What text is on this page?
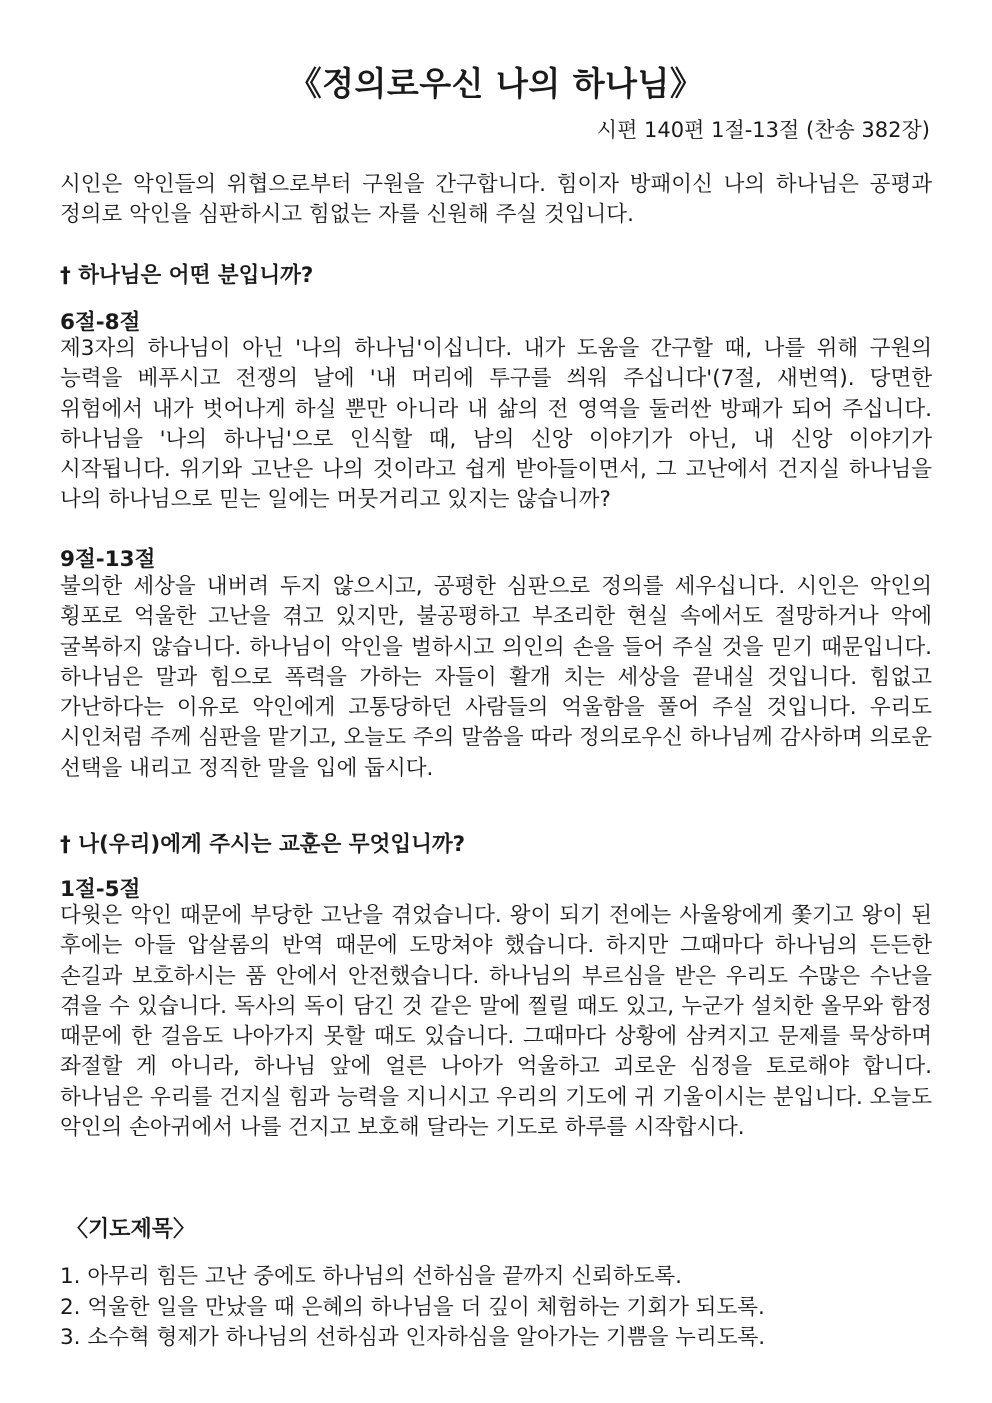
《정의로우신 나의 하나님》

시편 140편 1절-13절 (찬송 382장)

시인은 악인들의 위협으로부터 구원을 간구합니다. 힘이자 방패이신 나의 하나님은 공평과 정의로 악인을 심판하시고 힘없는 자를 신원해 주실 것입니다.

† 하나님은 어떤 분입니까?
6절-8절

제3자의 하나님이 아닌 '나의 하나님'이십니다. 내가 도움을 간구할 때, 나를 위해 구원의 능력을 베푸시고 전쟁의 날에 '내 머리에 투구를 씌워 주십니다'(7절, 새번역). 당면한 위험에서 내가 벗어나게 하실 뿐만 아니라 내 삶의 전 영역을 둘러싼 방패가 되어 주십니다. 하나님을 '나의 하나님'으로 인식할 때, 남의 신앙 이야기가 아닌, 내 신앙 이야기가 시작됩니다. 위기와 고난은 나의 것이라고 쉽게 받아들이면서, 그 고난에서 건지실 하나님을 나의 하나님으로 믿는 일에는 머뭇거리고 있지는 않습니까?

9절-13절

불의한 세상을 내버려 두지 않으시고, 공평한 심판으로 정의를 세우십니다. 시인은 악인의 횡포로 억울한 고난을 겪고 있지만, 불공평하고 부조리한 현실 속에서도 절망하거나 악에 굴복하지 않습니다. 하나님이 악인을 벌하시고 의인의 손을 들어 주실 것을 믿기 때문입니다. 하나님은 말과 힘으로 폭력을 가하는 자들이 활개 치는 세상을 끝내실 것입니다. 힘없고 가난하다는 이유로 악인에게 고통당하던 사람들의 억울함을 풀어 주실 것입니다. 우리도 시인처럼 주께 심판을 맡기고, 오늘도 주의 말씀을 따라 정의로우신 하나님께 감사하며 의로운 선택을 내리고 정직한 말을 입에 둡시다.

† 나(우리)에게 주시는 교훈은 무엇입니까?
1절-5절

다윗은 악인 때문에 부당한 고난을 겪었습니다. 왕이 되기 전에는 사울왕에게 쫓기고 왕이 된 후에는 아들 압살롬의 반역 때문에 도망쳐야 했습니다. 하지만 그때마다 하나님의 든든한 손길과 보호하시는 품 안에서 안전했습니다. 하나님의 부르심을 받은 우리도 수많은 수난을 겪을 수 있습니다. 독사의 독이 담긴 것 같은 말에 찔릴 때도 있고, 누군가 설치한 올무와 함정 때문에 한 걸음도 나아가지 못할 때도 있습니다. 그때마다 상황에 삼켜지고 문제를 묵상하며 좌절할 게 아니라, 하나님 앞에 얼른 나아가 억울하고 괴로운 심정을 토로해야 합니다. 하나님은 우리를 건지실 힘과 능력을 지니시고 우리의 기도에 귀 기울이시는 분입니다. 오늘도 악인의 손아귀에서 나를 건지고 보호해 달라는 기도로 하루를 시작합시다.

〈기도제목〉
1. 아무리 힘든 고난 중에도 하나님의 선하심을 끝까지 신뢰하도록.
2. 억울한 일을 만났을 때 은혜의 하나님을 더 깊이 체험하는 기회가 되도록.
3. 소수혁 형제가 하나님의 선하심과 인자하심을 알아가는 기쁨을 누리도록.
